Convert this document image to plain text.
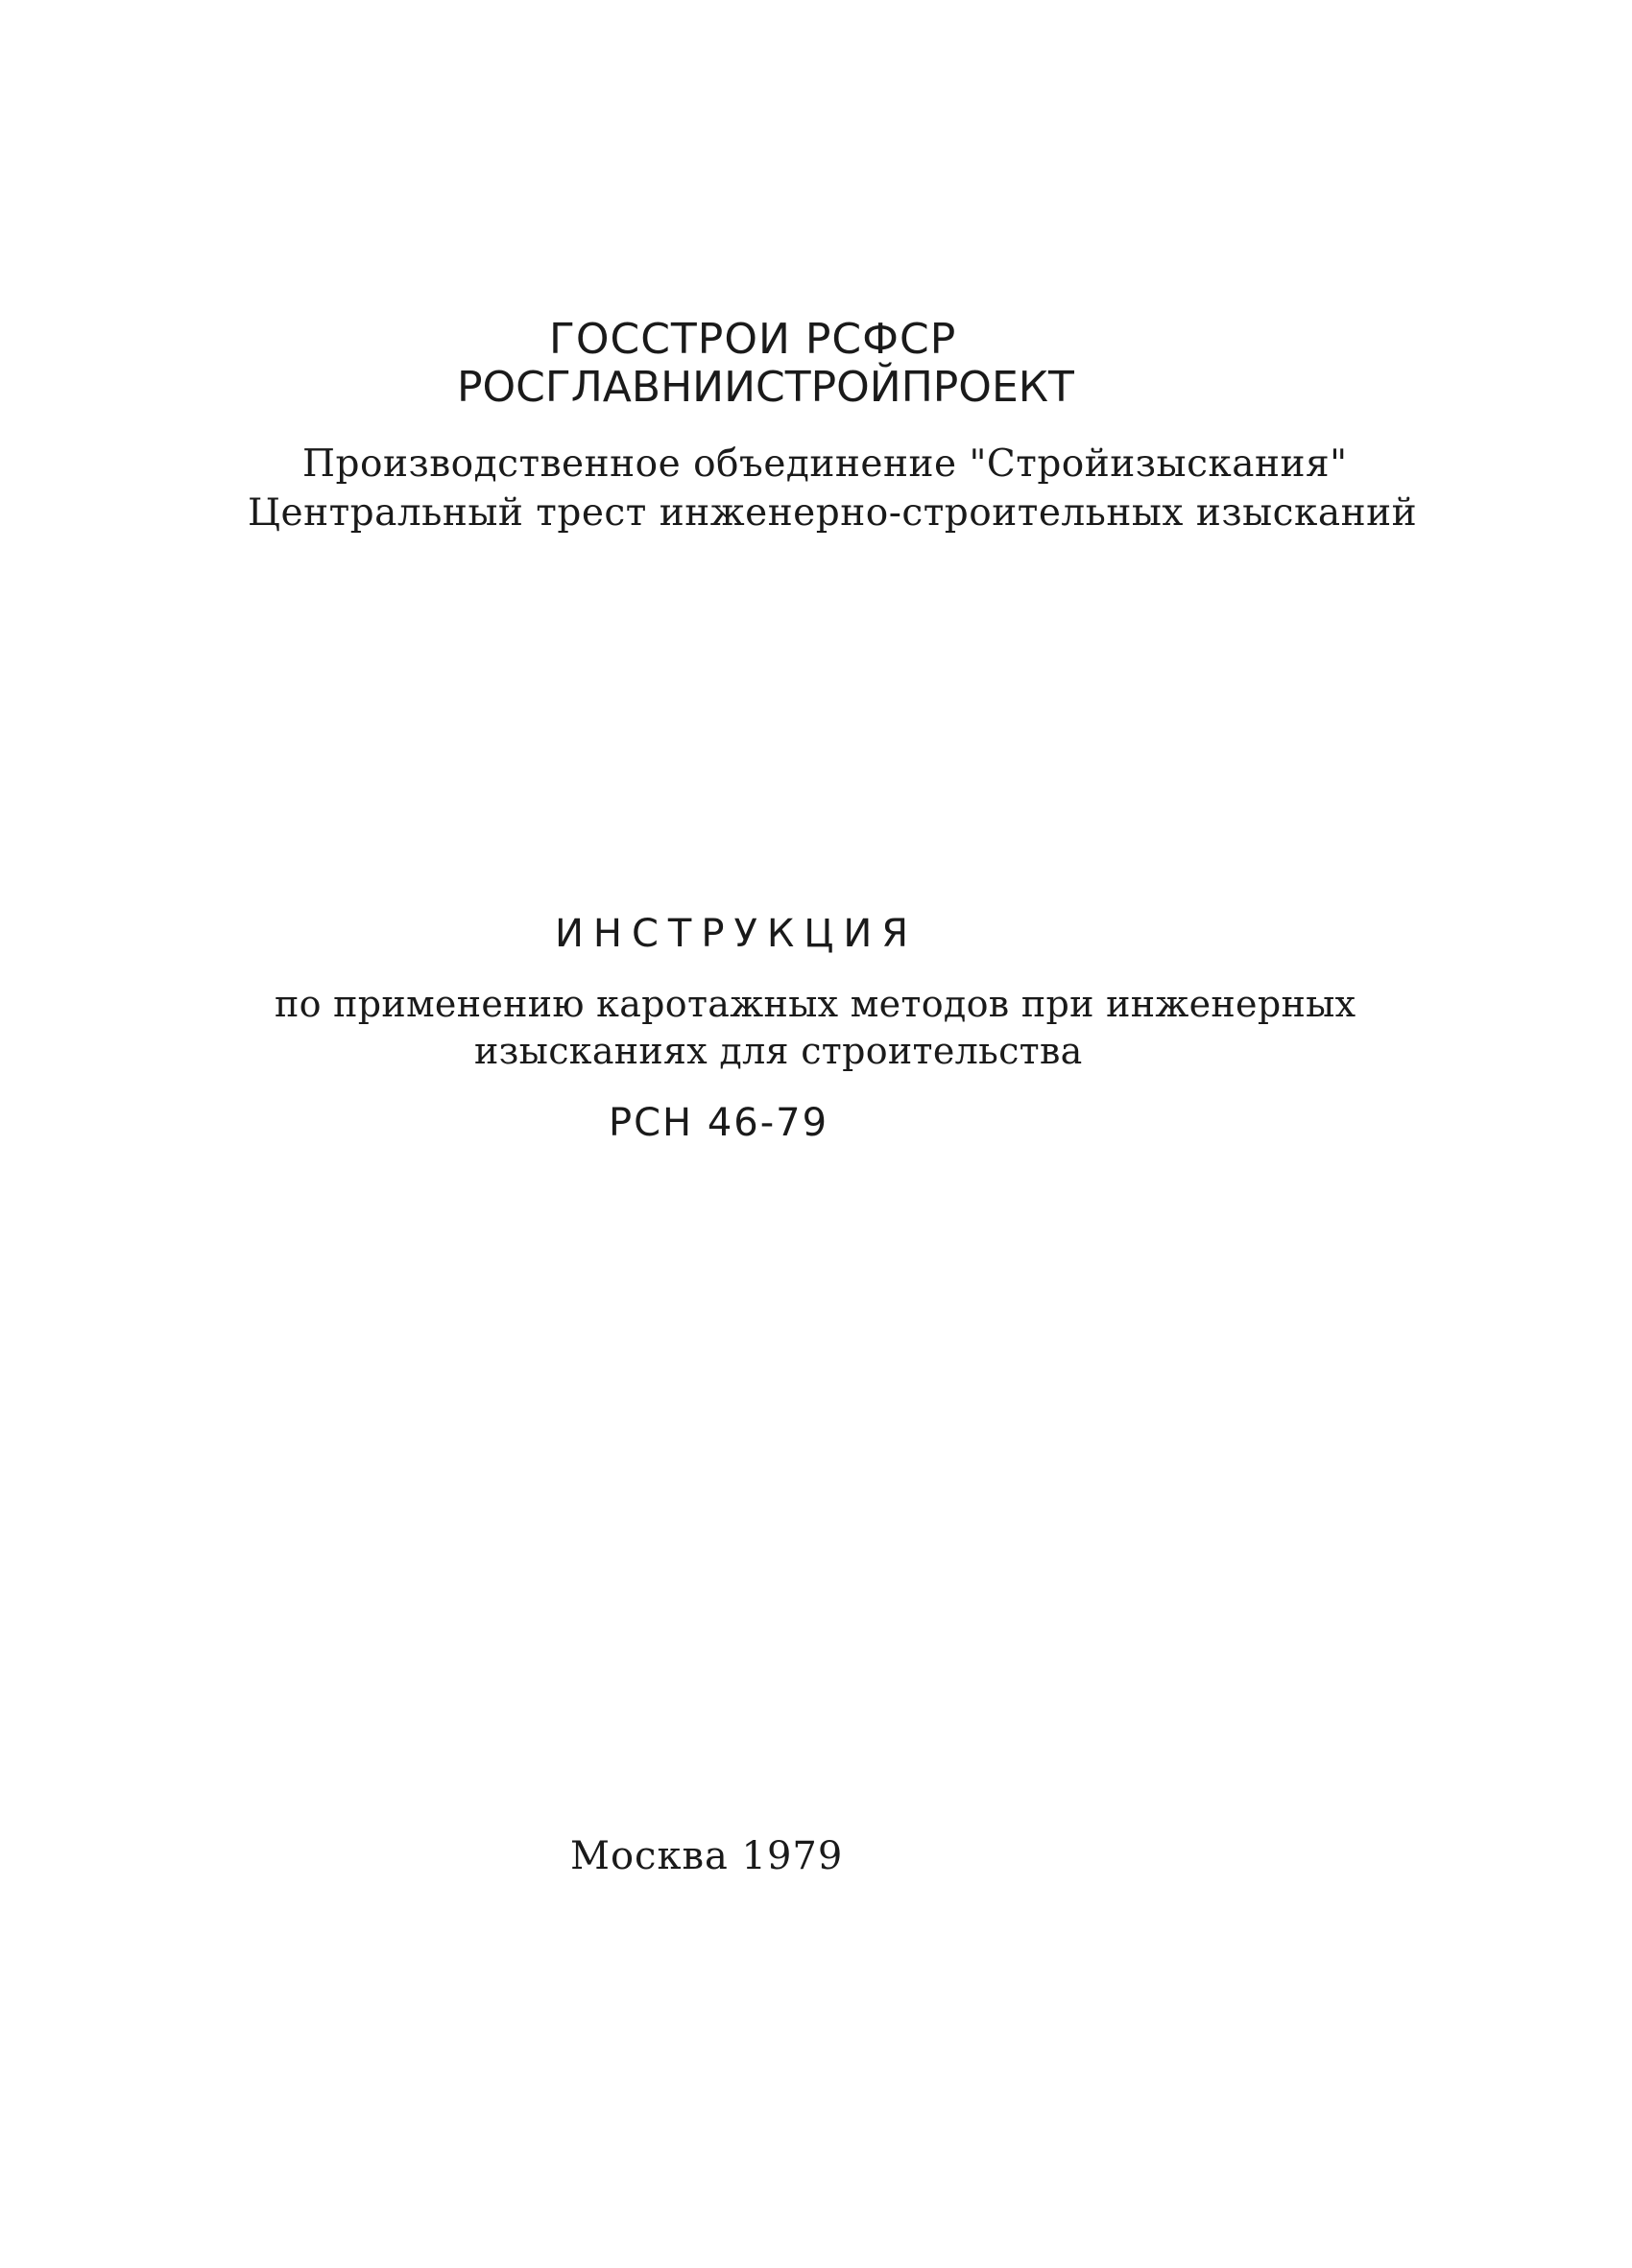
ГОССТРОИ РСФСР
РОСГЛАВНИИСТРОЙПРОЕКТ
Производственное объединение "Стройизыскания"
Центральный трест инженерно-строительных изысканий
ИНСТРУКЦИЯ
по применению каротажных методов при инженерных
изысканиях для строительства
РСН 46-79
Москва 1979
